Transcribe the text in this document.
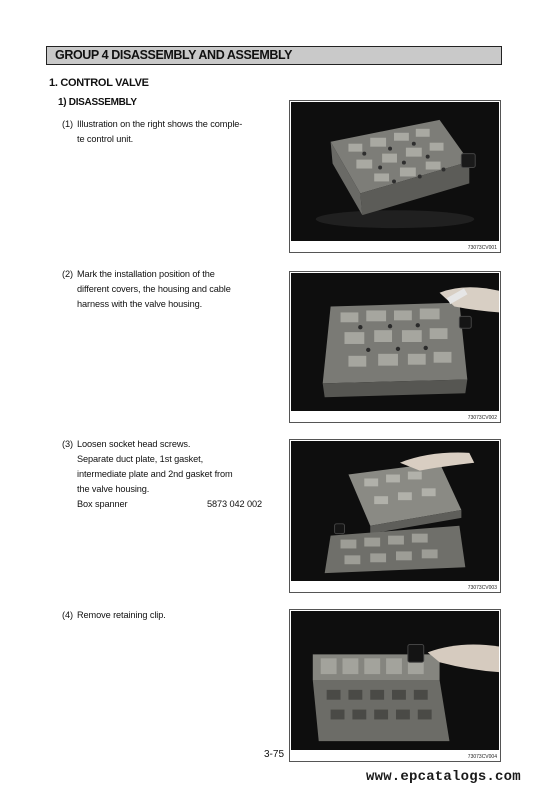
GROUP 4 DISASSEMBLY AND ASSEMBLY
1. CONTROL VALVE
1) DISASSEMBLY
(1) Illustration on the right shows the comple-
te control unit.
73073CV001
(2) Mark the installation position of the
different covers, the housing and cable
harness with the valve housing.
73073CV002
(3) Loosen socket head screws.
Separate duct plate, 1st gasket,
intermediate plate and 2nd gasket from
the valve housing.
Box spanner	5873 042 002
73073CV003
(4) Remove retaining clip.
73073CV004
3-75
www.epcatalogs.com
